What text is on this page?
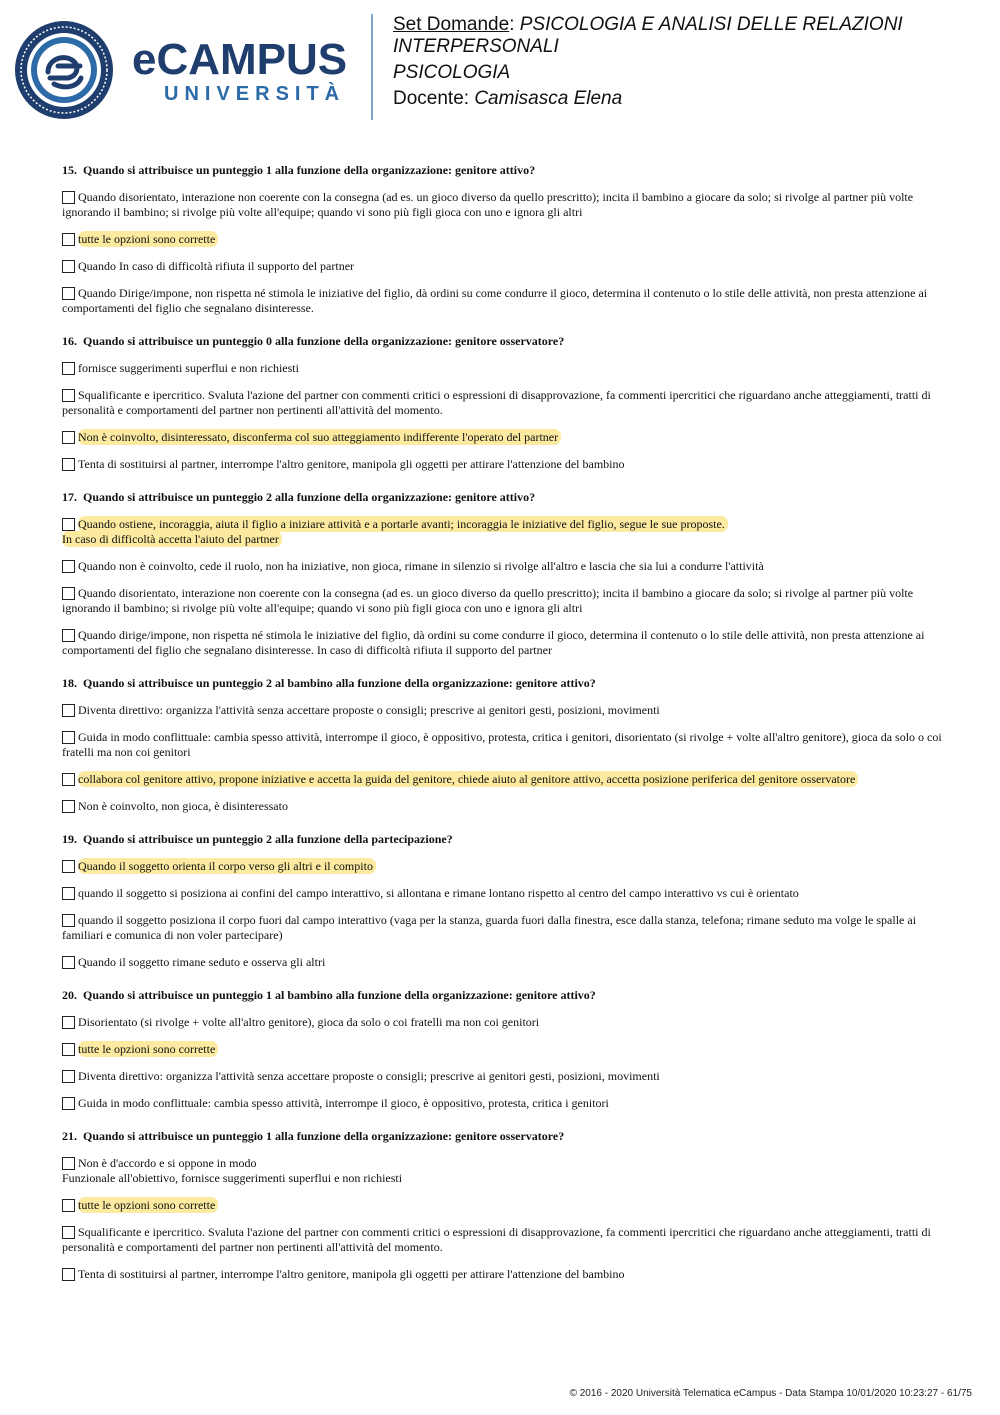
eCAMPUS
UNIVERSITÀ

Set Domande: PSICOLOGIA E ANALISI DELLE RELAZIONI INTERPERSONALI

PSICOLOGIA

Docente: Camisasca Elena

15. Quando si attribuisce un punteggio 1 alla funzione della organizzazione: genitore attivo?

Quando disorientato, interazione non coerente con la consegna (ad es. un gioco diverso da quello prescritto); incita il bambino a giocare da solo; si rivolge al partner più volte ignorando il bambino; si rivolge più volte all'equipe; quando vi sono più figli gioca con uno e ignora gli altri
tutte le opzioni sono corrette
Quando In caso di difficoltà rifiuta il supporto del partner
Quando Dirige/impone, non rispetta né stimola le iniziative del figlio, dà ordini su come condurre il gioco, determina il contenuto o lo stile delle attività, non presta attenzione ai comportamenti del figlio che segnalano disinteresse.

16. Quando si attribuisce un punteggio 0 alla funzione della organizzazione: genitore osservatore?

fornisce suggerimenti superflui e non richiesti
Squalificante e ipercritico. Svaluta l'azione del partner con commenti critici o espressioni di disapprovazione, fa commenti ipercritici che riguardano anche atteggiamenti, tratti di personalità e comportamenti del partner non pertinenti all'attività del momento.
Non è coinvolto, disinteressato, disconferma col suo atteggiamento indifferente l'operato del partner
Tenta di sostituirsi al partner, interrompe l'altro genitore, manipola gli oggetti per attirare l'attenzione del bambino

17. Quando si attribuisce un punteggio 2 alla funzione della organizzazione: genitore attivo?

Quando ostiene, incoraggia, aiuta il figlio a iniziare attività e a portarle avanti; incoraggia le iniziative del figlio, segue le sue proposte.
In caso di difficoltà accetta l'aiuto del partner
Quando non è coinvolto, cede il ruolo, non ha iniziative, non gioca, rimane in silenzio si rivolge all'altro e lascia che sia lui a condurre l'attività
Quando disorientato, interazione non coerente con la consegna (ad es. un gioco diverso da quello prescritto); incita il bambino a giocare da solo; si rivolge al partner più volte ignorando il bambino; si rivolge più volte all'equipe; quando vi sono più figli gioca con uno e ignora gli altri
Quando dirige/impone, non rispetta né stimola le iniziative del figlio, dà ordini su come condurre il gioco, determina il contenuto o lo stile delle attività, non presta attenzione ai comportamenti del figlio che segnalano disinteresse. In caso di difficoltà rifiuta il supporto del partner

18. Quando si attribuisce un punteggio 2 al bambino alla funzione della organizzazione: genitore attivo?

Diventa direttivo: organizza l'attività senza accettare proposte o consigli; prescrive ai genitori gesti, posizioni, movimenti
Guida in modo conflittuale: cambia spesso attività, interrompe il gioco, è oppositivo, protesta, critica i genitori, disorientato (si rivolge + volte all'altro genitore), gioca da solo o coi fratelli ma non coi genitori
collabora col genitore attivo, propone iniziative e accetta la guida del genitore, chiede aiuto al genitore attivo, accetta posizione periferica del genitore osservatore
Non è coinvolto, non gioca, è disinteressato

19. Quando si attribuisce un punteggio 2 alla funzione della partecipazione?

Quando il soggetto orienta il corpo verso gli altri e il compito
quando il soggetto si posiziona ai confini del campo interattivo, si allontana e rimane lontano rispetto al centro del campo interattivo vs cui è orientato
quando il soggetto posiziona il corpo fuori dal campo interattivo (vaga per la stanza, guarda fuori dalla finestra, esce dalla stanza, telefona; rimane seduto ma volge le spalle ai familiari e comunica di non voler partecipare)
Quando il soggetto rimane seduto e osserva gli altri

20. Quando si attribuisce un punteggio 1 al bambino alla funzione della organizzazione: genitore attivo?

Disorientato (si rivolge + volte all'altro genitore), gioca da solo o coi fratelli ma non coi genitori
tutte le opzioni sono corrette
Diventa direttivo: organizza l'attività senza accettare proposte o consigli; prescrive ai genitori gesti, posizioni, movimenti
Guida in modo conflittuale: cambia spesso attività, interrompe il gioco, è oppositivo, protesta, critica i genitori

21. Quando si attribuisce un punteggio 1 alla funzione della organizzazione: genitore osservatore?

Non è d'accordo e si oppone in modo
Funzionale all'obiettivo, fornisce suggerimenti superflui e non richiesti
tutte le opzioni sono corrette
Squalificante e ipercritico. Svaluta l'azione del partner con commenti critici o espressioni di disapprovazione, fa commenti ipercritici che riguardano anche atteggiamenti, tratti di personalità e comportamenti del partner non pertinenti all'attività del momento.
Tenta di sostituirsi al partner, interrompe l'altro genitore, manipola gli oggetti per attirare l'attenzione del bambino
© 2016 - 2020 Università Telematica eCampus - Data Stampa 10/01/2020 10:23:27 - 61/75
